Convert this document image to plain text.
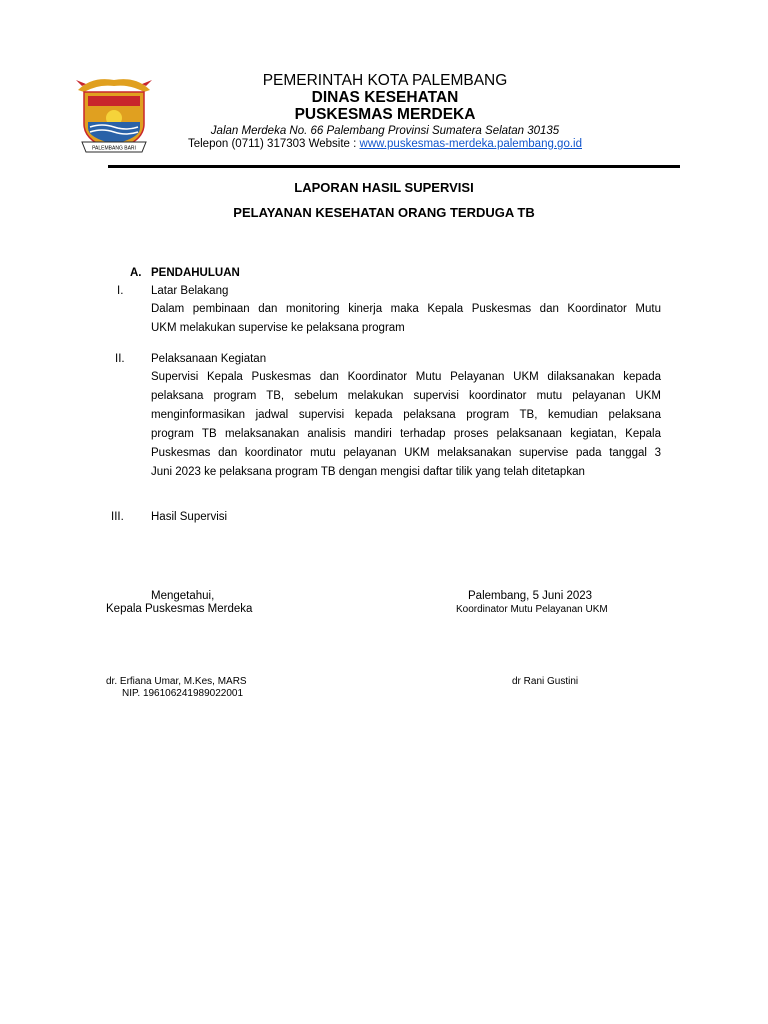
PALEMBANG BARI
PEMERINTAH KOTA PALEMBANG
DINAS KESEHATAN
PUSKESMAS MERDEKA
Jalan Merdeka No. 66 Palembang Provinsi Sumatera Selatan 30135
Telepon (0711) 317303 Website : www.puskesmas-merdeka.palembang.go.id
LAPORAN HASIL SUPERVISI
PELAYANAN KESEHATAN ORANG TERDUGA TB
A. PENDAHULUAN
I. Latar Belakang
Dalam pembinaan dan monitoring kinerja maka Kepala Puskesmas dan Koordinator Mutu
UKM melakukan supervise ke pelaksana program
II. Pelaksanaan Kegiatan
Supervisi Kepala Puskesmas dan Koordinator Mutu Pelayanan UKM dilaksanakan kepada
pelaksana program TB, sebelum melakukan supervisi koordinator mutu pelayanan UKM
menginformasikan jadwal supervisi kepada pelaksana program TB, kemudian pelaksana
program TB melaksanakan analisis mandiri terhadap proses pelaksanaan kegiatan, Kepala
Puskesmas dan koordinator mutu pelayanan UKM melaksanakan supervise pada tanggal 3
Juni 2023 ke pelaksana program TB dengan mengisi daftar tilik yang telah ditetapkan
III. Hasil Supervisi
Mengetahui,
Kepala Puskesmas Merdeka
Palembang, 5 Juni 2023
Koordinator Mutu Pelayanan UKM
dr. Erfiana Umar, M.Kes, MARS
NIP. 196106241989022001
dr Rani Gustini
